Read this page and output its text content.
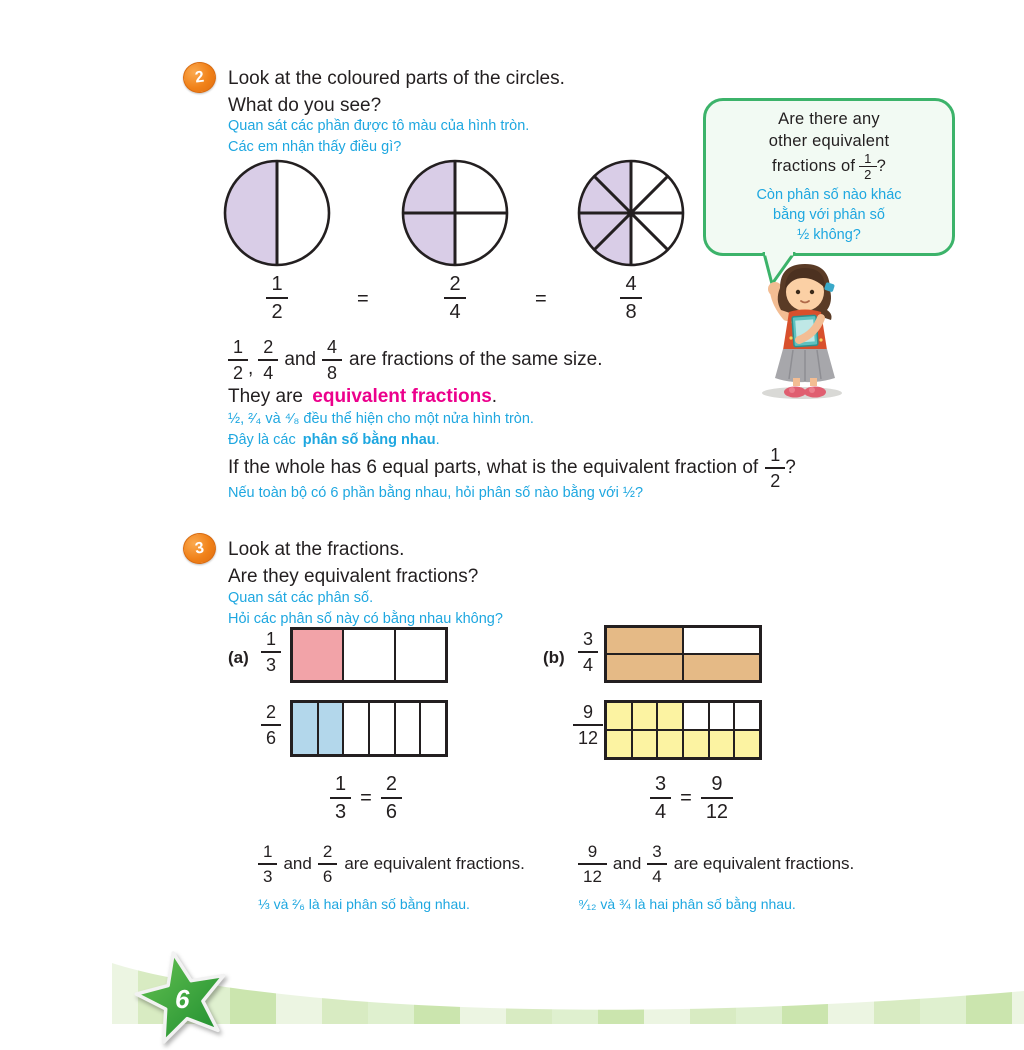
2 Look at the coloured parts of the circles.
What do you see?
Quan sát các phần được tô màu của hình tròn.
Các em nhận thấy điều gì?
$\frac{1}{2}$	=	$\frac{2}{4}$	=	$\frac{4}{8}$
Are there any
other equivalent
fractions of $\frac{1}{2}$ ?
Còn phân số nào khác
bằng với phân số
½ không?
$\frac{1}{2}$ , $\frac{2}{4}$ and $\frac{4}{8}$ are fractions of the same size.
They are equivalent fractions.
½, ²⁄₄ và ⁴⁄₈ đều thể hiện cho một nửa hình tròn.
Đây là các phân số bằng nhau.
If the whole has 6 equal parts, what is the equivalent fraction of $\frac{1}{2}$ ?
Nếu toàn bộ có 6 phần bằng nhau, hỏi phân số nào bằng với ½?
3 Look at the fractions.
Are they equivalent fractions?
Quan sát các phân số.
Hỏi các phân số này có bằng nhau không?
$(a) \frac{1}{3}$
$\frac{2}{6}$
$(b) \frac{3}{4}$
$\frac{9}{12}$
$\frac{1}{3} = \frac{2}{6}$	$\frac{3}{4} = \frac{9}{12}$
$\frac{1}{3}$ and $\frac{2}{6}$ are equivalent fractions.
⅓ và ²⁄₆ là hai phân số bằng nhau.
$\frac{9}{12}$ and $\frac{3}{4}$ are equivalent fractions.
⁹⁄₁₂ và ¾ là hai phân số bằng nhau.
6
